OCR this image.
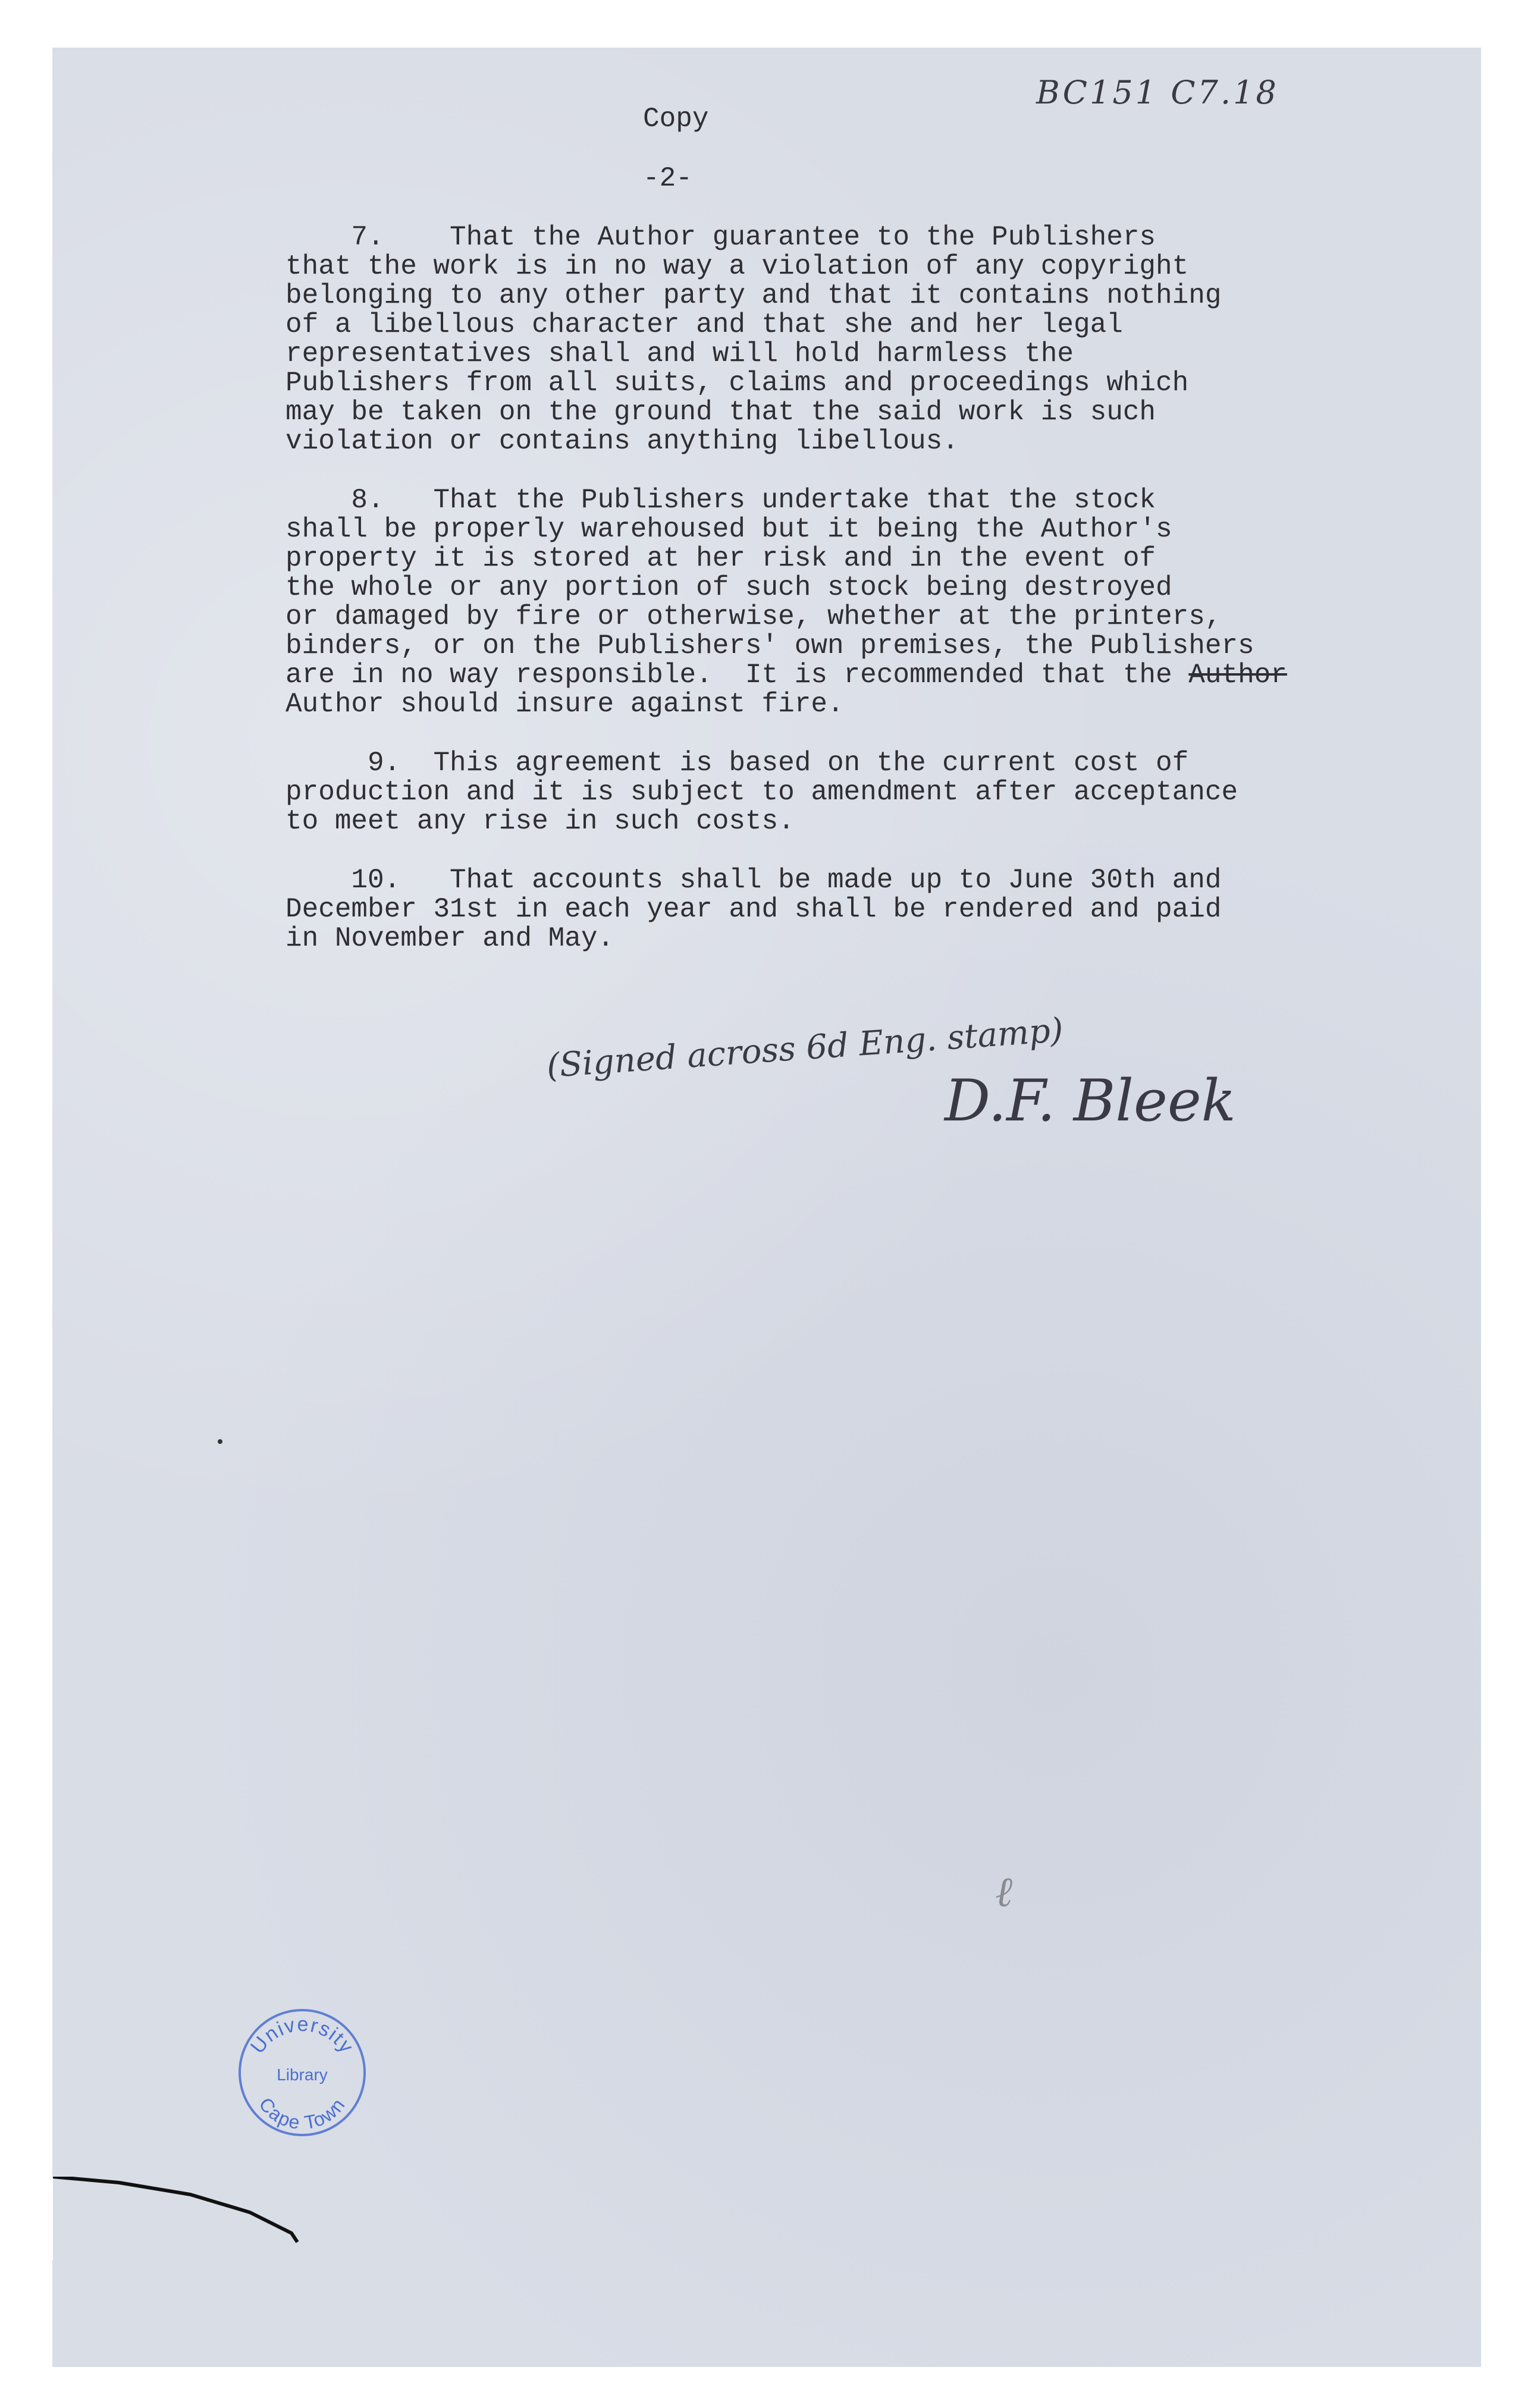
BC151 C7.18
Copy
-2-
7.    That the Author guarantee to the Publishers
that the work is in no way a violation of any copyright
belonging to any other party and that it contains nothing
of a libellous character and that she and her legal
representatives shall and will hold harmless the
Publishers from all suits, claims and proceedings which
may be taken on the ground that the said work is such
violation or contains anything libellous.
8.   That the Publishers undertake that the stock
shall be properly warehoused but it being the Author's
property it is stored at her risk and in the event of
the whole or any portion of such stock being destroyed
or damaged by fire or otherwise, whether at the printers,
binders, or on the Publishers' own premises, the Publishers
are in no way responsible.  It is recommended that the Author
Author should insure against fire.
9.  This agreement is based on the current cost of
production and it is subject to amendment after acceptance
to meet any rise in such costs.
10.   That accounts shall be made up to June 30th and
December 31st in each year and shall be rendered and paid
in November and May.
(Signed across 6d Eng. stamp)
D.F. Bleek
ℓ
University
Library
Cape Town
